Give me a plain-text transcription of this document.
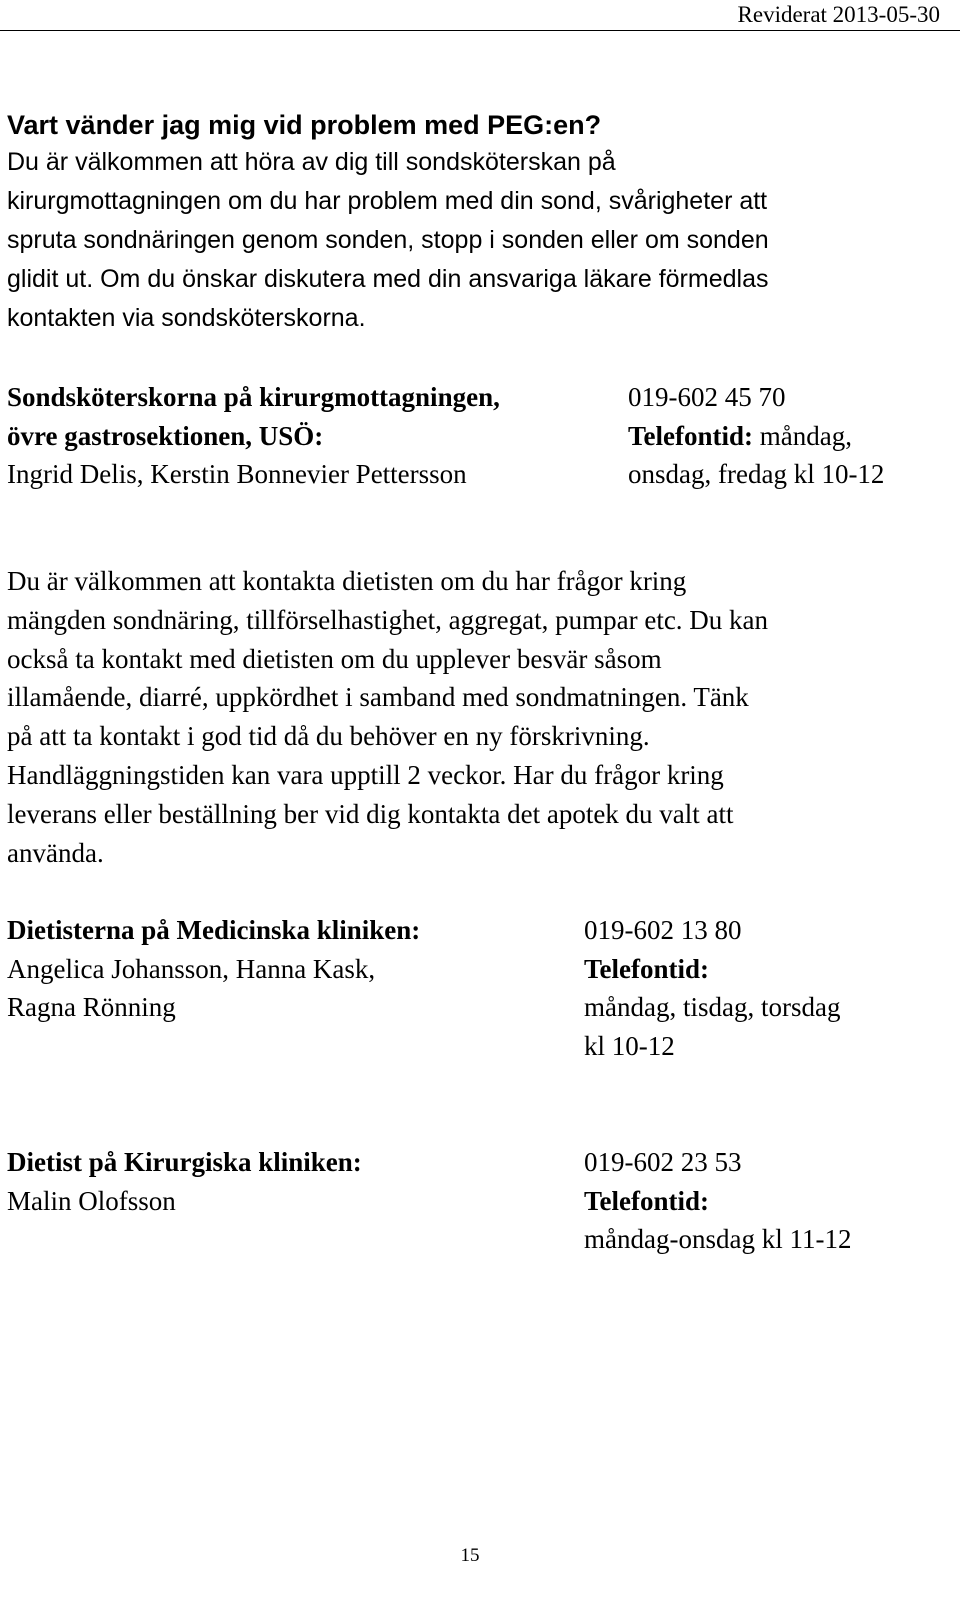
Reviderat 2013-05-30
Vart vänder jag mig vid problem med PEG:en?

Du är välkommen att höra av dig till sondsköterskan på
kirurgmottagningen om du har problem med din sond, svårigheter att
spruta sondnäringen genom sonden, stopp i sonden eller om sonden
glidit ut. Om du önskar diskutera med din ansvariga läkare förmedlas
kontakten via sondsköterskorna.

Sondsköterskorna på kirurgmottagningen,
övre gastrosektionen, USÖ:
Ingrid Delis, Kerstin Bonnevier Pettersson
019-602 45 70
Telefontid: måndag,
onsdag, fredag kl 10-12

Du är välkommen att kontakta dietisten om du har frågor kring
mängden sondnäring, tillförselhastighet, aggregat, pumpar etc. Du kan
också ta kontakt med dietisten om du upplever besvär såsom
illamående, diarré, uppkördhet i samband med sondmatningen. Tänk
på att ta kontakt i god tid då du behöver en ny förskrivning.
Handläggningstiden kan vara upptill 2 veckor. Har du frågor kring
leverans eller beställning ber vid dig kontakta det apotek du valt att
använda.

Dietisterna på Medicinska kliniken:
Angelica Johansson, Hanna Kask,
Ragna Rönning
019-602 13 80
Telefontid:
måndag, tisdag, torsdag
kl 10-12
Dietist på Kirurgiska kliniken:
Malin Olofsson
019-602 23 53
Telefontid:
måndag-onsdag kl 11-12
15
